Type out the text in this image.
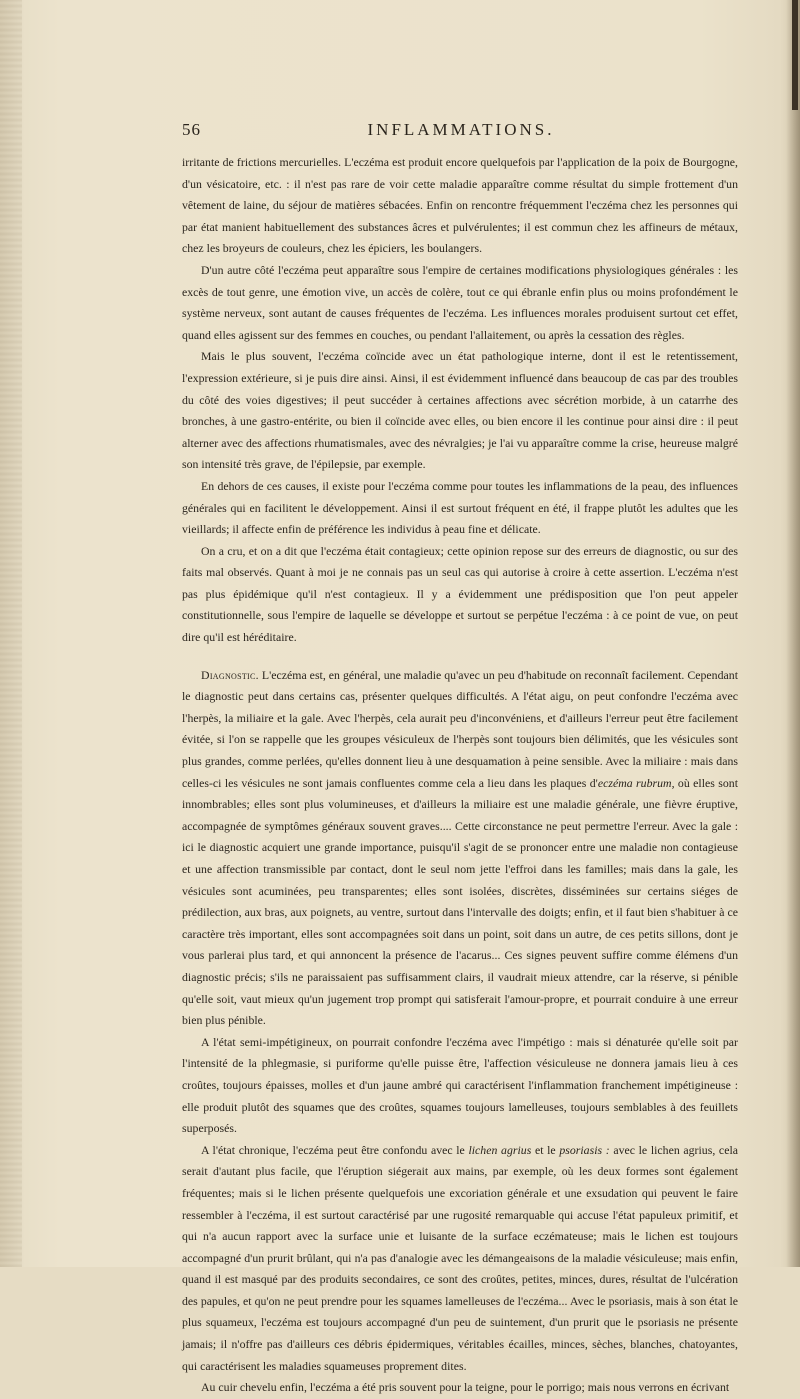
56	INFLAMMATIONS.

irritante de frictions mercurielles. L'eczéma est produit encore quelquefois par l'application de la poix de Bourgogne, d'un vésicatoire, etc. : il n'est pas rare de voir cette maladie apparaître comme résultat du simple frottement d'un vêtement de laine, du séjour de matières sébacées. Enfin on rencontre fréquemment l'eczéma chez les personnes qui par état manient habituellement des substances âcres et pulvérulentes; il est commun chez les affineurs de métaux, chez les broyeurs de couleurs, chez les épiciers, les boulangers.

D'un autre côté l'eczéma peut apparaître sous l'empire de certaines modifications physiologiques générales : les excès de tout genre, une émotion vive, un accès de colère, tout ce qui ébranle enfin plus ou moins profondément le système nerveux, sont autant de causes fréquentes de l'eczéma. Les influences morales produisent surtout cet effet, quand elles agissent sur des femmes en couches, ou pendant l'allaitement, ou après la cessation des règles.

Mais le plus souvent, l'eczéma coïncide avec un état pathologique interne, dont il est le retentissement, l'expression extérieure, si je puis dire ainsi. Ainsi, il est évidemment influencé dans beaucoup de cas par des troubles du côté des voies digestives; il peut succéder à certaines affections avec sécrétion morbide, à un catarrhe des bronches, à une gastro-entérite, ou bien il coïncide avec elles, ou bien encore il les continue pour ainsi dire : il peut alterner avec des affections rhumatismales, avec des névralgies; je l'ai vu apparaître comme la crise, heureuse malgré son intensité très grave, de l'épilepsie, par exemple.

En dehors de ces causes, il existe pour l'eczéma comme pour toutes les inflammations de la peau, des influences générales qui en facilitent le développement. Ainsi il est surtout fréquent en été, il frappe plutôt les adultes que les vieillards; il affecte enfin de préférence les individus à peau fine et délicate.

On a cru, et on a dit que l'eczéma était contagieux; cette opinion repose sur des erreurs de diagnostic, ou sur des faits mal observés. Quant à moi je ne connais pas un seul cas qui autorise à croire à cette assertion. L'eczéma n'est pas plus épidémique qu'il n'est contagieux. Il y a évidemment une prédisposition que l'on peut appeler constitutionnelle, sous l'empire de laquelle se développe et surtout se perpétue l'eczéma : à ce point de vue, on peut dire qu'il est héréditaire.

Diagnostic. L'eczéma est, en général, une maladie qu'avec un peu d'habitude on reconnaît facilement. Cependant le diagnostic peut dans certains cas, présenter quelques difficultés. A l'état aigu, on peut confondre l'eczéma avec l'herpès, la miliaire et la gale. Avec l'herpès, cela aurait peu d'inconvéniens, et d'ailleurs l'erreur peut être facilement évitée, si l'on se rappelle que les groupes vésiculeux de l'herpès sont toujours bien délimités, que les vésicules sont plus grandes, comme perlées, qu'elles donnent lieu à une desquamation à peine sensible. Avec la miliaire : mais dans celles-ci les vésicules ne sont jamais confluentes comme cela a lieu dans les plaques d'eczéma rubrum, où elles sont innombrables; elles sont plus volumineuses, et d'ailleurs la miliaire est une maladie générale, une fièvre éruptive, accompagnée de symptômes généraux souvent graves.... Cette circonstance ne peut permettre l'erreur. Avec la gale : ici le diagnostic acquiert une grande importance, puisqu'il s'agit de se prononcer entre une maladie non contagieuse et une affection transmissible par contact, dont le seul nom jette l'effroi dans les familles; mais dans la gale, les vésicules sont acuminées, peu transparentes; elles sont isolées, discrètes, disséminées sur certains siéges de prédilection, aux bras, aux poignets, au ventre, surtout dans l'intervalle des doigts; enfin, et il faut bien s'habituer à ce caractère très important, elles sont accompagnées soit dans un point, soit dans un autre, de ces petits sillons, dont je vous parlerai plus tard, et qui annoncent la présence de l'acarus... Ces signes peuvent suffire comme élémens d'un diagnostic précis; s'ils ne paraissaient pas suffisamment clairs, il vaudrait mieux attendre, car la réserve, si pénible qu'elle soit, vaut mieux qu'un jugement trop prompt qui satisferait l'amour-propre, et pourrait conduire à une erreur bien plus pénible.

A l'état semi-impétigineux, on pourrait confondre l'eczéma avec l'impétigo : mais si dénaturée qu'elle soit par l'intensité de la phlegmasie, si puriforme qu'elle puisse être, l'affection vésiculeuse ne donnera jamais lieu à ces croûtes, toujours épaisses, molles et d'un jaune ambré qui caractérisent l'inflammation franchement impétigineuse : elle produit plutôt des squames que des croûtes, squames toujours lamelleuses, toujours semblables à des feuillets superposés.

A l'état chronique, l'eczéma peut être confondu avec le lichen agrius et le psoriasis : avec le lichen agrius, cela serait d'autant plus facile, que l'éruption siégerait aux mains, par exemple, où les deux formes sont également fréquentes; mais si le lichen présente quelquefois une excoriation générale et une exsudation qui peuvent le faire ressembler à l'eczéma, il est surtout caractérisé par une rugosité remarquable qui accuse l'état papuleux primitif, et qui n'a aucun rapport avec la surface unie et luisante de la surface eczémateuse; mais le lichen est toujours accompagné d'un prurit brûlant, qui n'a pas d'analogie avec les démangeaisons de la maladie vésiculeuse; mais enfin, quand il est masqué par des produits secondaires, ce sont des croûtes, petites, minces, dures, résultat de l'ulcération des papules, et qu'on ne peut prendre pour les squames lamelleuses de l'eczéma... Avec le psoriasis, mais à son état le plus squameux, l'eczéma est toujours accompagné d'un peu de suintement, d'un prurit que le psoriasis ne présente jamais; il n'offre pas d'ailleurs ces débris épidermiques, véritables écailles, minces, sèches, blanches, chatoyantes, qui caractérisent les maladies squameuses proprement dites.

Au cuir chevelu enfin, l'eczéma a été pris souvent pour la teigne, pour le porrigo; mais nous verrons en écrivant
